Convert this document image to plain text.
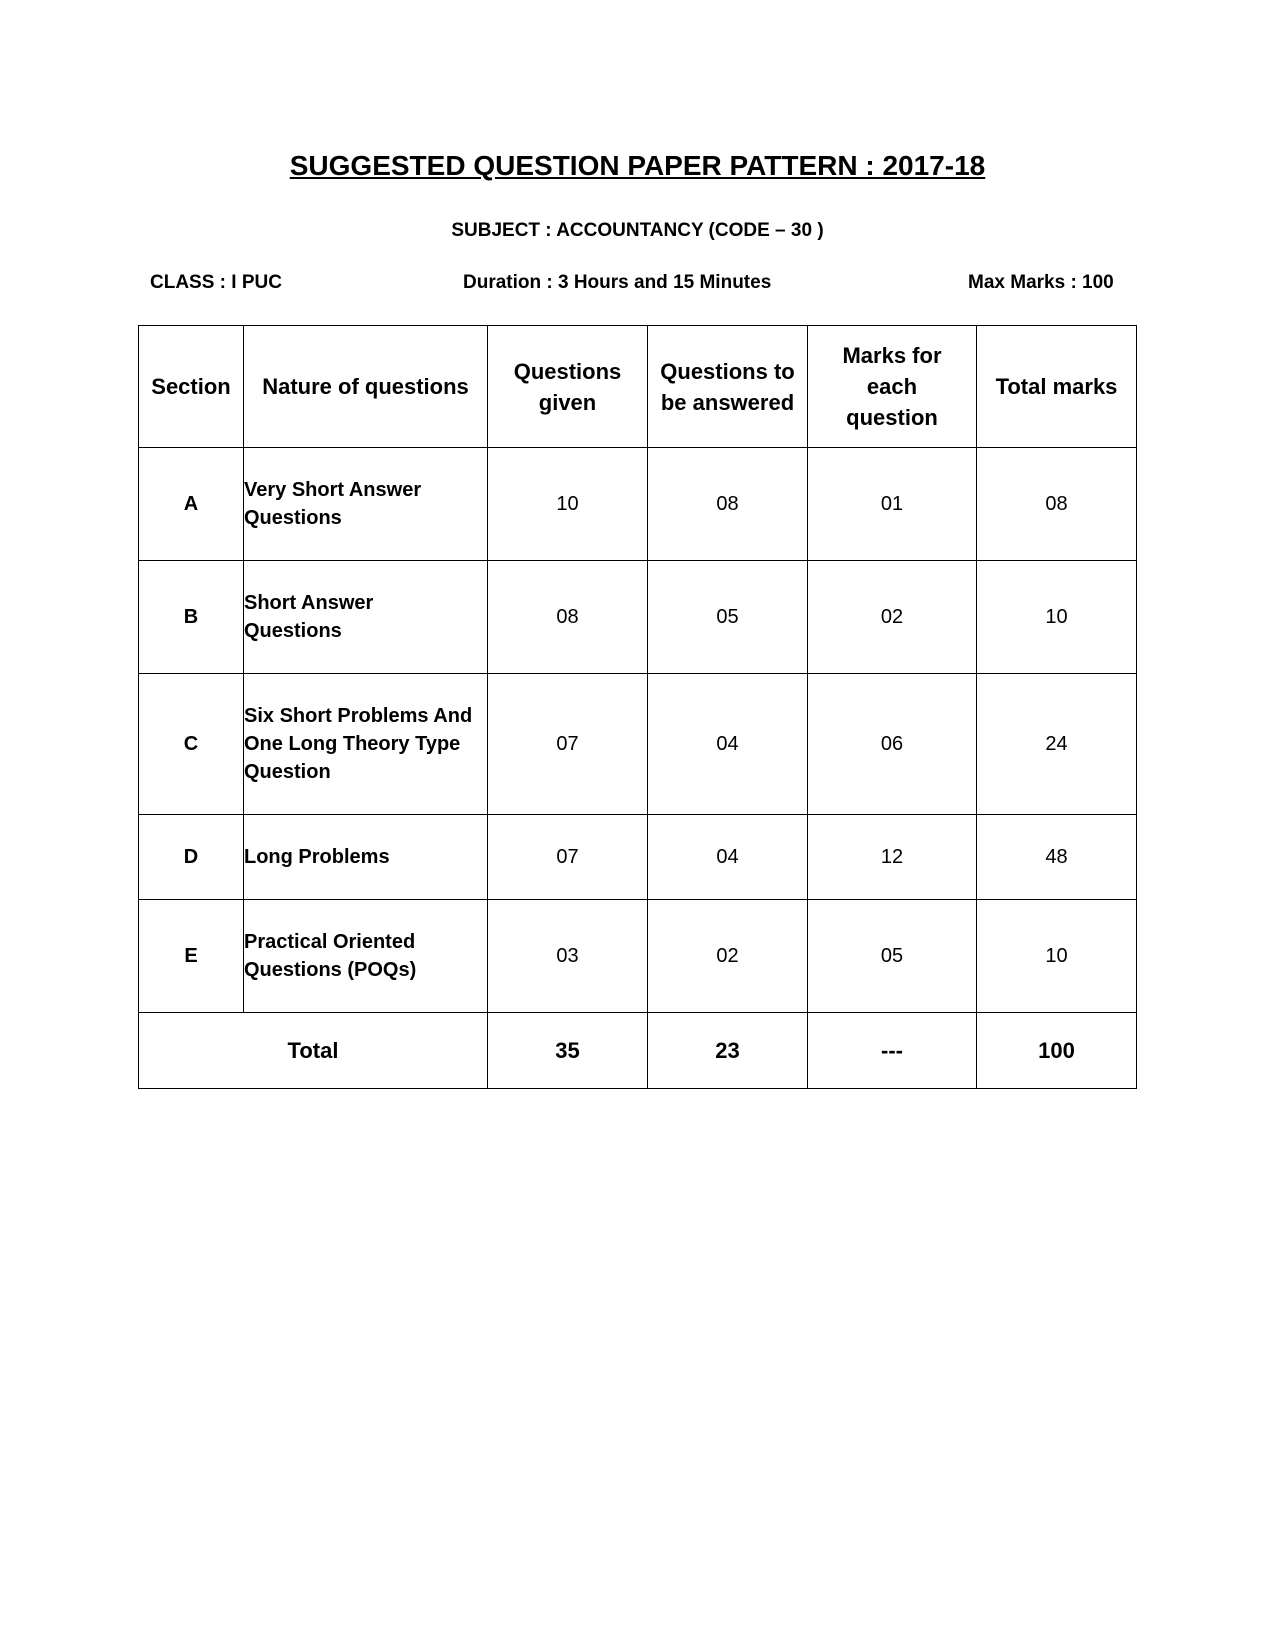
SUGGESTED QUESTION PAPER PATTERN : 2017-18
SUBJECT : ACCOUNTANCY (CODE – 30 )
CLASS : I PUC	Duration : 3 Hours and 15 Minutes	Max Marks : 100
Section	Nature of questions	Questions given	Questions to be answered	Marks for each question	Total marks
A	Very Short Answer Questions	10	08	01	08
B	Short Answer Questions	08	05	02	10
C	Six Short Problems And One Long Theory Type Question	07	04	06	24
D	Long Problems	07	04	12	48
E	Practical Oriented Questions (POQs)	03	02	05	10
Total		35	23	---	100
